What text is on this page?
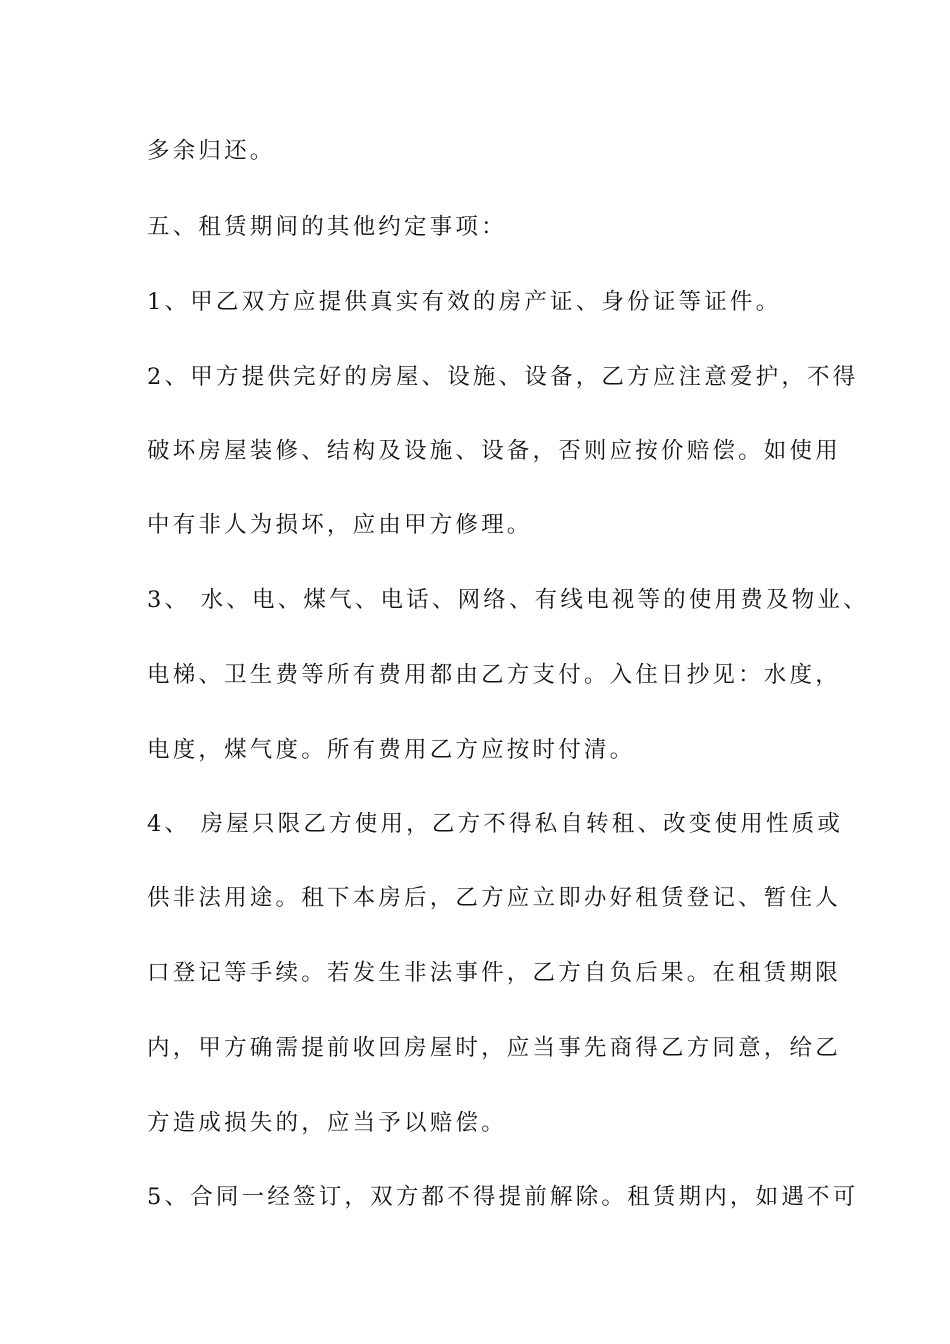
多余归还。

五、租赁期间的其他约定事项：

1、甲乙双方应提供真实有效的房产证、身份证等证件。

2、甲方提供完好的房屋、设施、设备，乙方应注意爱护，不得

破坏房屋装修、结构及设施、设备，否则应按价赔偿。如使用

中有非人为损坏，应由甲方修理。

3、 水、电、煤气、电话、网络、有线电视等的使用费及物业、

电梯、卫生费等所有费用都由乙方支付。入住日抄见：水度，

电度，煤气度。所有费用乙方应按时付清。

4、 房屋只限乙方使用，乙方不得私自转租、改变使用性质或

供非法用途。租下本房后，乙方应立即办好租赁登记、暂住人

口登记等手续。若发生非法事件，乙方自负后果。在租赁期限

内，甲方确需提前收回房屋时，应当事先商得乙方同意，给乙

方造成损失的，应当予以赔偿。

5、合同一经签订，双方都不得提前解除。租赁期内，如遇不可
